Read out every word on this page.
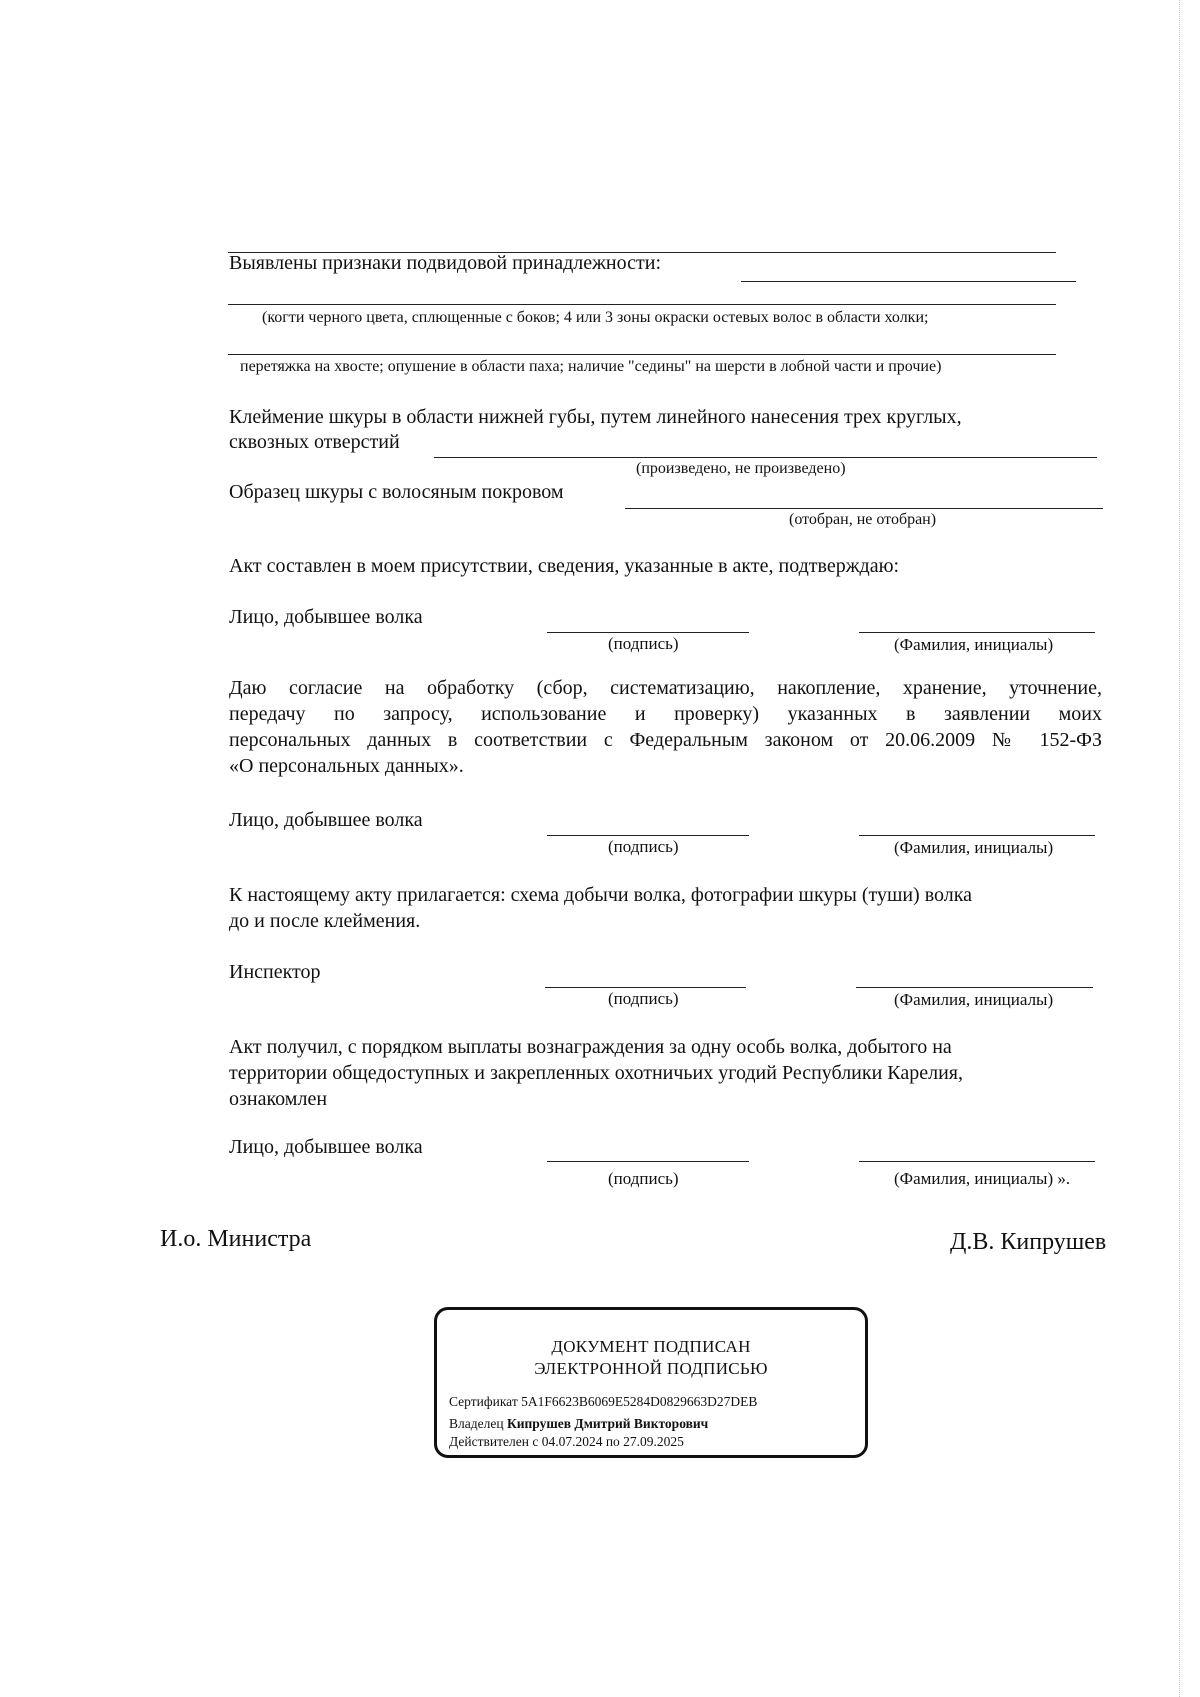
Выявлены признаки подвидовой принадлежности:
(когти черного цвета, сплющенные с боков; 4 или 3 зоны окраски остевых волос в области холки;
перетяжка на хвосте; опушение в области паха; наличие "седины" на шерсти в лобной части и прочие)
Клеймение шкуры в области нижней губы, путем линейного нанесения трех круглых,
сквозных отверстий
(произведено, не произведено)
Образец шкуры с волосяным покровом
(отобран, не отобран)
Акт составлен в моем присутствии, сведения, указанные в акте, подтверждаю:
Лицо, добывшее волка
(подпись)	(Фамилия, инициалы)
Даю согласие на обработку (сбор, систематизацию, накопление, хранение, уточнение,
передачу по запросу, использование и проверку) указанных в заявлении моих
персональных данных в соответствии с Федеральным законом от 20.06.2009 № 152-ФЗ
«О персональных данных».
Лицо, добывшее волка
(подпись)	(Фамилия, инициалы)
К настоящему акту прилагается: схема добычи волка, фотографии шкуры (туши) волка
до и после клеймения.
Инспектор
(подпись)	(Фамилия, инициалы)
Акт получил, с порядком выплаты вознаграждения за одну особь волка, добытого на
территории общедоступных и закрепленных охотничьих угодий Республики Карелия,
ознакомлен
Лицо, добывшее волка
(подпись)	(Фамилия, инициалы) ».
И.о. Министра	Д.В. Кипрушев
ДОКУМЕНТ ПОДПИСАН
ЭЛЕКТРОННОЙ ПОДПИСЬЮ
Сертификат 5A1F6623B6069E5284D0829663D27DEB
Владелец Кипрушев Дмитрий Викторович
Действителен с 04.07.2024 по 27.09.2025
